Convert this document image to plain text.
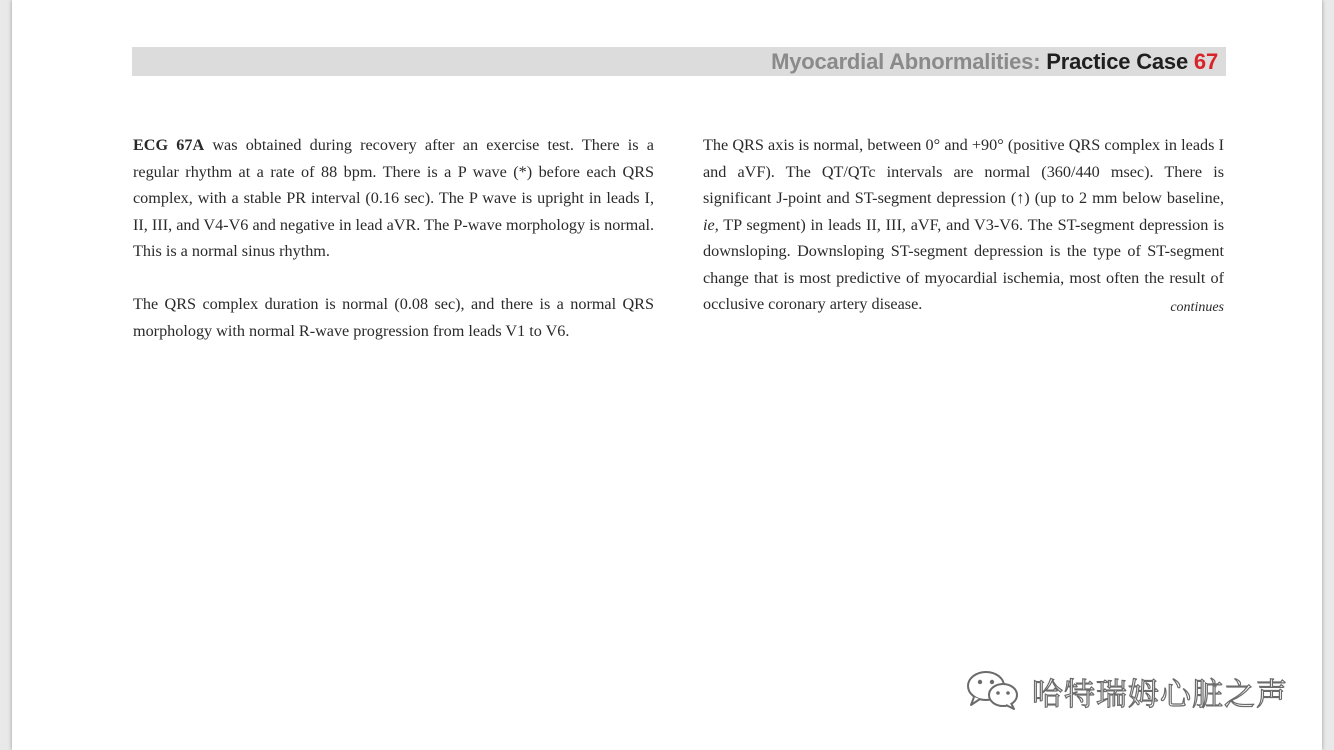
Myocardial Abnormalities: Practice Case 67

ECG 67A was obtained during recovery after an exercise test. There is a regular rhythm at a rate of 88 bpm. There is a P wave (*) before each QRS complex, with a stable PR interval (0.16 sec). The P wave is upright in leads I, II, III, and V4-V6 and negative in lead aVR. The P-wave morphology is normal. This is a normal sinus rhythm.

The QRS complex duration is normal (0.08 sec), and there is a normal QRS morphology with normal R-wave progression from leads V1 to V6.

The QRS axis is normal, between 0° and +90° (positive QRS complex in leads I and aVF). The QT/QTc intervals are normal (360/440 msec). There is significant J-point and ST-segment depression (↑) (up to 2 mm below baseline, ie, TP segment) in leads II, III, aVF, and V3-V6. The ST-segment depression is downsloping. Downsloping ST-segment depression is the type of ST-segment change that is most predictive of myocardial ischemia, most often the result of occlusive coronary artery disease.	continues
哈特瑞姆心脏之声
